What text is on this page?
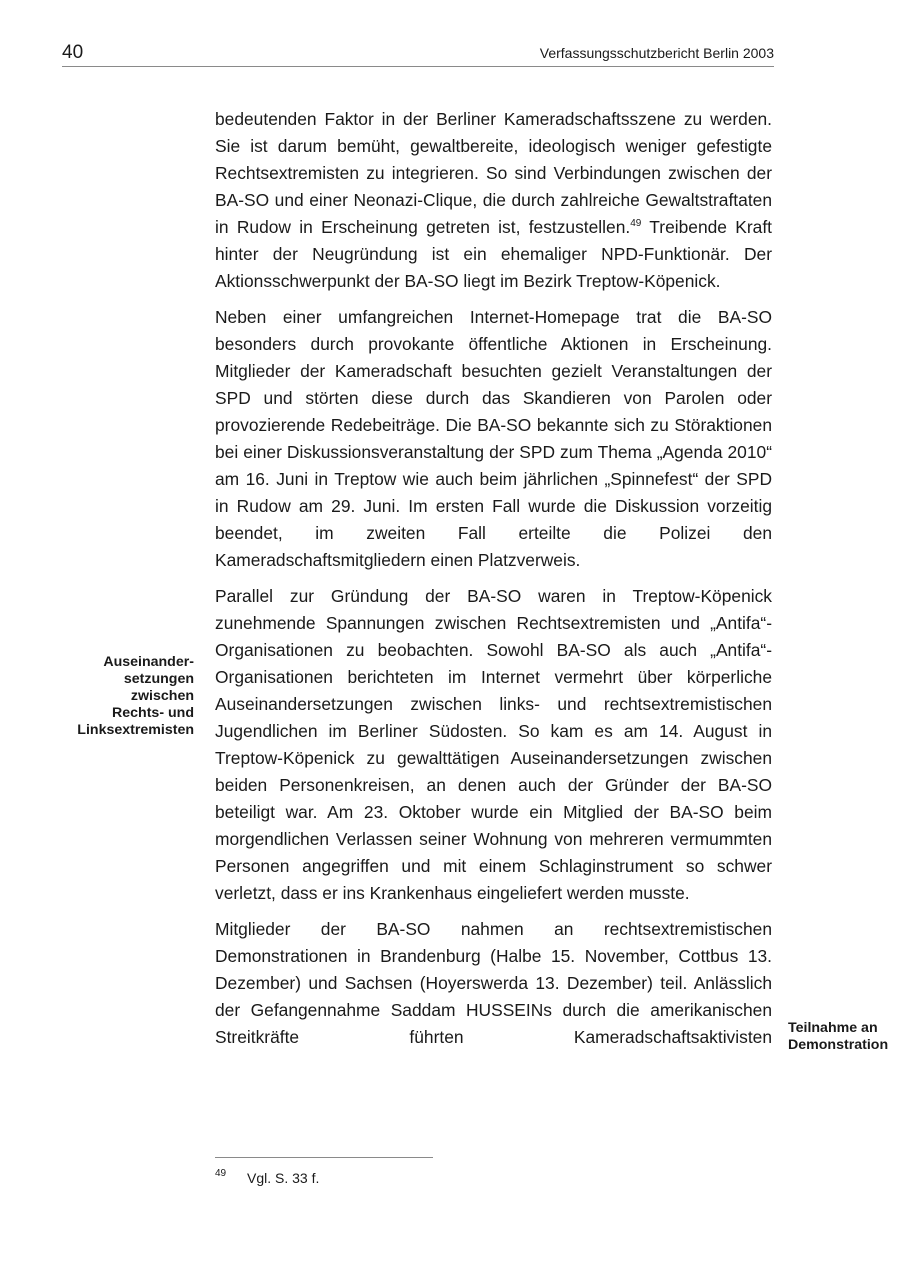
40	Verfassungsschutzbericht Berlin 2003

bedeutenden Faktor in der Berliner Kameradschaftsszene zu werden. Sie ist darum bemüht, gewaltbereite, ideologisch weniger gefestigte Rechtsextremisten zu integrieren. So sind Verbindungen zwischen der BA-SO und einer Neonazi-Clique, die durch zahlreiche Gewaltstraftaten in Rudow in Erscheinung getreten ist, festzustellen.$^{49}$ Treibende Kraft hinter der Neugründung ist ein ehemaliger NPD-Funktionär. Der Aktionsschwerpunkt der BA-SO liegt im Bezirk Treptow-Köpenick.

Neben einer umfangreichen Internet-Homepage trat die BA-SO besonders durch provokante öffentliche Aktionen in Erscheinung. Mitglieder der Kameradschaft besuchten gezielt Veranstaltungen der SPD und störten diese durch das Skandieren von Parolen oder provozierende Redebeiträge. Die BA-SO bekannte sich zu Störaktionen bei einer Diskussionsveranstaltung der SPD zum Thema „Agenda 2010“ am 16. Juni in Treptow wie auch beim jährlichen „Spinnefest“ der SPD in Rudow am 29. Juni. Im ersten Fall wurde die Diskussion vorzeitig beendet, im zweiten Fall erteilte die Polizei den Kameradschaftsmitgliedern einen Platzverweis.

Parallel zur Gründung der BA-SO waren in Treptow-Köpenick zunehmende Spannungen zwischen Rechtsextremisten und „Antifa“-Organisationen zu beobachten. Sowohl BA-SO als auch „Antifa“-Organisationen berichteten im Internet vermehrt über körperliche Auseinandersetzungen zwischen links- und rechtsextremistischen Jugendlichen im Berliner Südosten. So kam es am 14. August in Treptow-Köpenick zu gewalttätigen Auseinandersetzungen zwischen beiden Personenkreisen, an denen auch der Gründer der BA-SO beteiligt war. Am 23. Oktober wurde ein Mitglied der BA-SO beim morgendlichen Verlassen seiner Wohnung von mehreren vermummten Personen angegriffen und mit einem Schlaginstrument so schwer verletzt, dass er ins Krankenhaus eingeliefert werden musste.

Mitglieder der BA-SO nahmen an rechtsextremistischen Demonstrationen in Brandenburg (Halbe 15. November, Cottbus 13. Dezember) und Sachsen (Hoyerswerda 13. Dezember) teil. Anlässlich der Gefangennahme Saddam HUSSEINs durch die amerikanischen Streitkräfte führten Kameradschaftsaktivisten

Auseinander-
setzungen
zwischen
Rechts- und
Linksextremisten
Teilnahme an
Demonstration
49 Vgl. S. 33 f.
